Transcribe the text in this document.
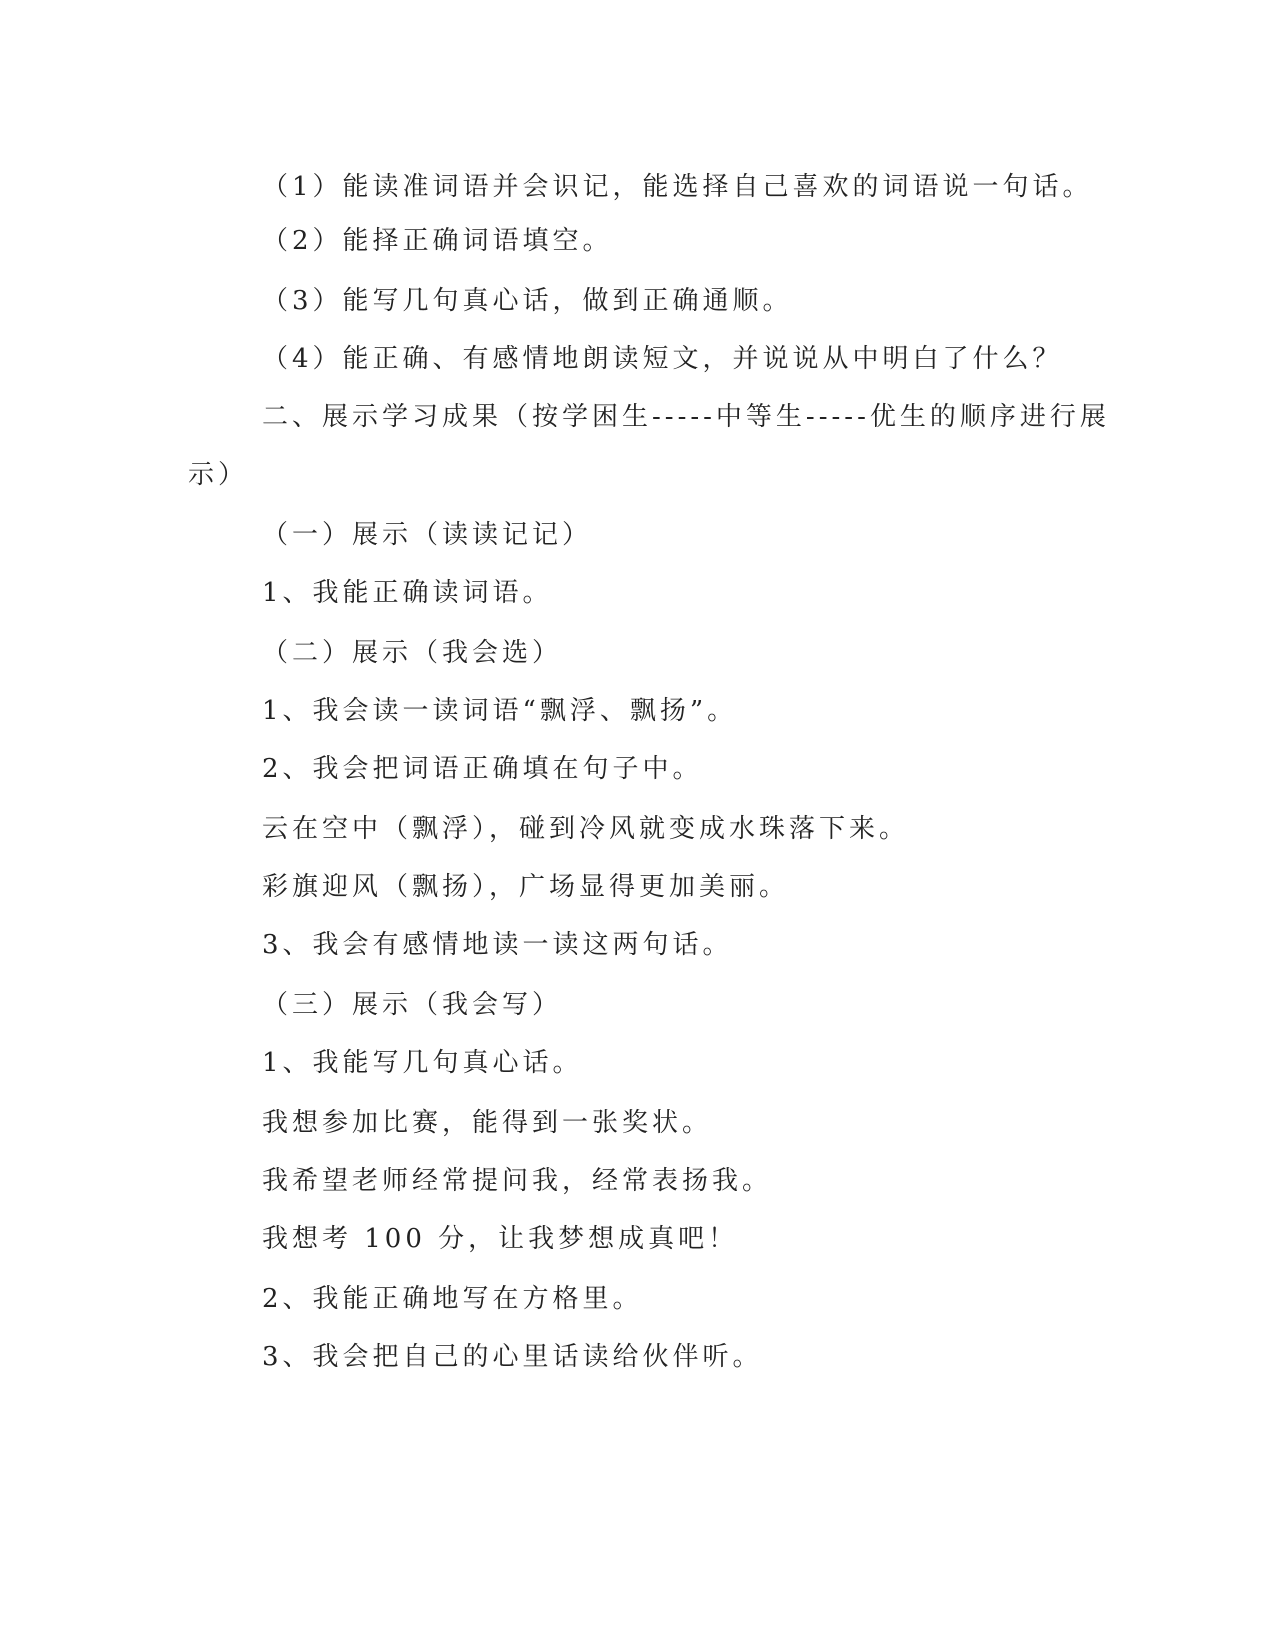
（1）能读准词语并会识记，能选择自己喜欢的词语说一句话。
（2）能择正确词语填空。
（3）能写几句真心话，做到正确通顺。
（4）能正确、有感情地朗读短文，并说说从中明白了什么？
二、展示学习成果（按学困生-----中等生-----优生的顺序进行展
示）
（一）展示（读读记记）
1、我能正确读词语。
（二）展示（我会选）
1、我会读一读词语“飘浮、飘扬”。
2、我会把词语正确填在句子中。
云在空中（飘浮），碰到冷风就变成水珠落下来。
彩旗迎风（飘扬），广场显得更加美丽。
3、我会有感情地读一读这两句话。
（三）展示（我会写）
1、我能写几句真心话。
我想参加比赛，能得到一张奖状。
我希望老师经常提问我，经常表扬我。
我想考 100 分，让我梦想成真吧！
2、我能正确地写在方格里。
3、我会把自己的心里话读给伙伴听。
